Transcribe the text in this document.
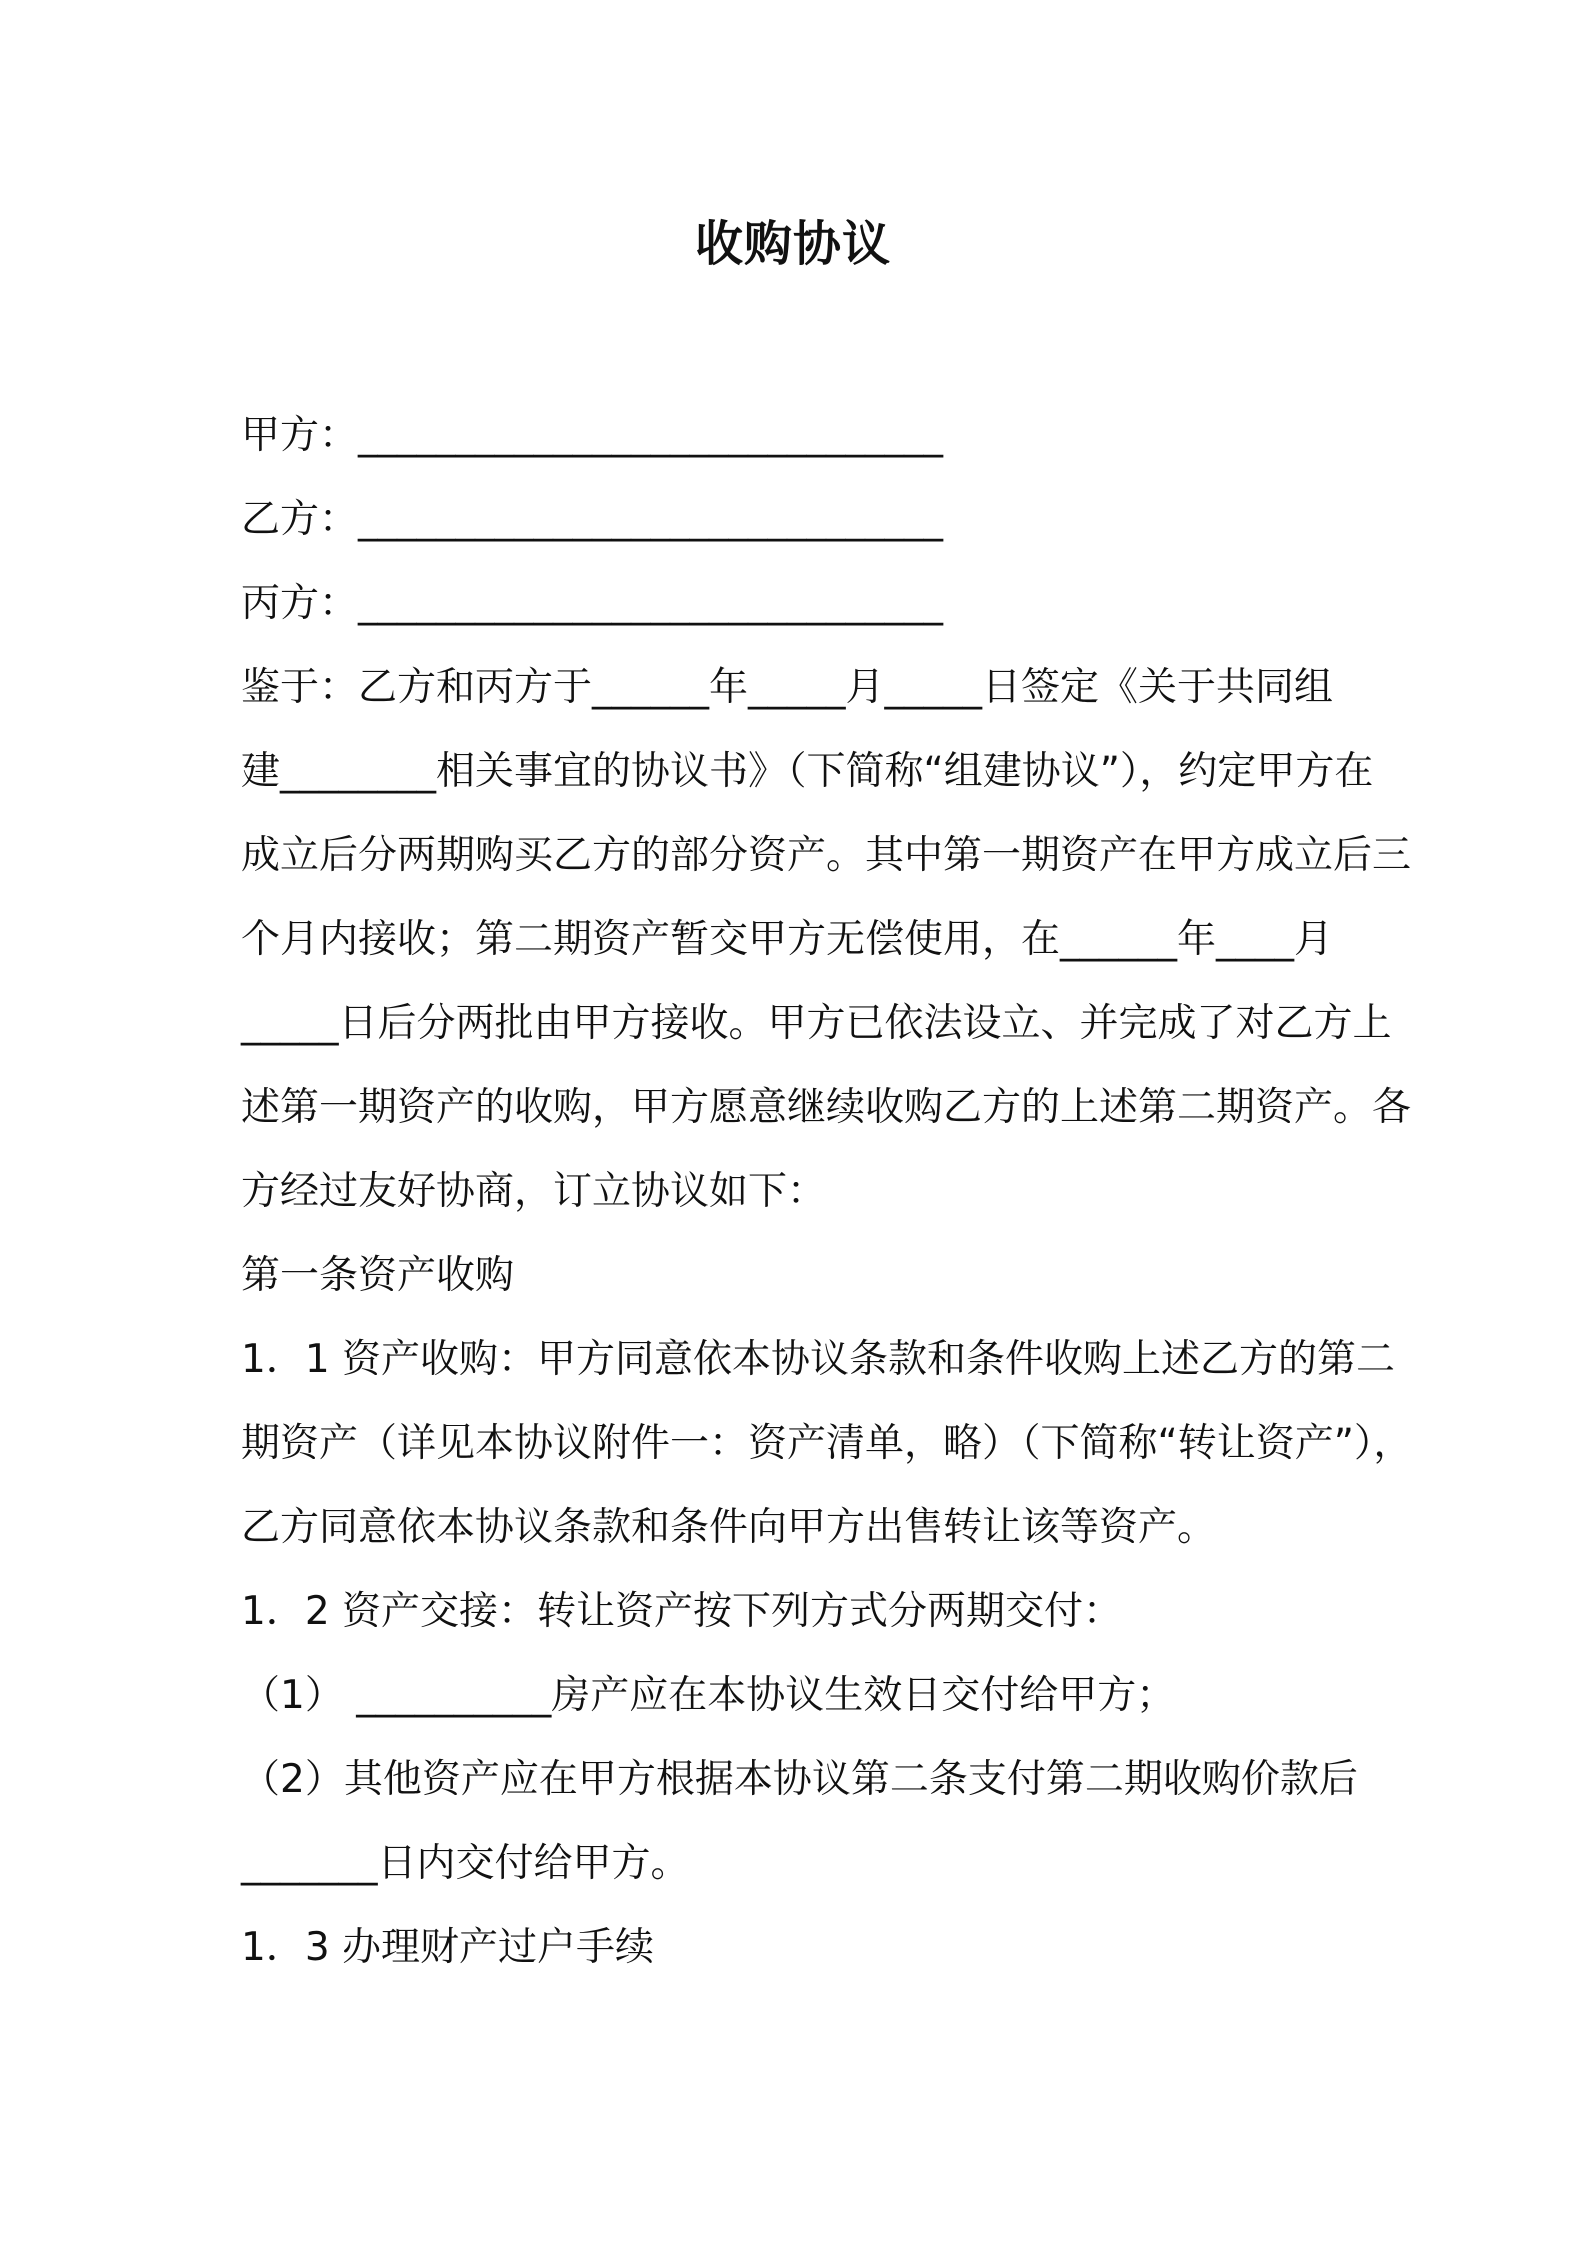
收购协议
甲方：______________________________
乙方：______________________________
丙方：______________________________
鉴于：乙方和丙方于______年_____月_____日签定《关于共同组
建________相关事宜的协议书》（下简称“组建协议”），约定甲方在
成立后分两期购买乙方的部分资产。其中第一期资产在甲方成立后三
个月内接收；第二期资产暂交甲方无偿使用，在______年____月
_____日后分两批由甲方接收。甲方已依法设立、并完成了对乙方上
述第一期资产的收购，甲方愿意继续收购乙方的上述第二期资产。各
方经过友好协商，订立协议如下：
第一条资产收购
1．1 资产收购：甲方同意依本协议条款和条件收购上述乙方的第二
期资产（详见本协议附件一：资产清单，略）（下简称“转让资产”），
乙方同意依本协议条款和条件向甲方出售转让该等资产。
1．2 资产交接：转让资产按下列方式分两期交付：
（1） __________房产应在本协议生效日交付给甲方；
（2）其他资产应在甲方根据本协议第二条支付第二期收购价款后
_______日内交付给甲方。
1．3 办理财产过户手续
